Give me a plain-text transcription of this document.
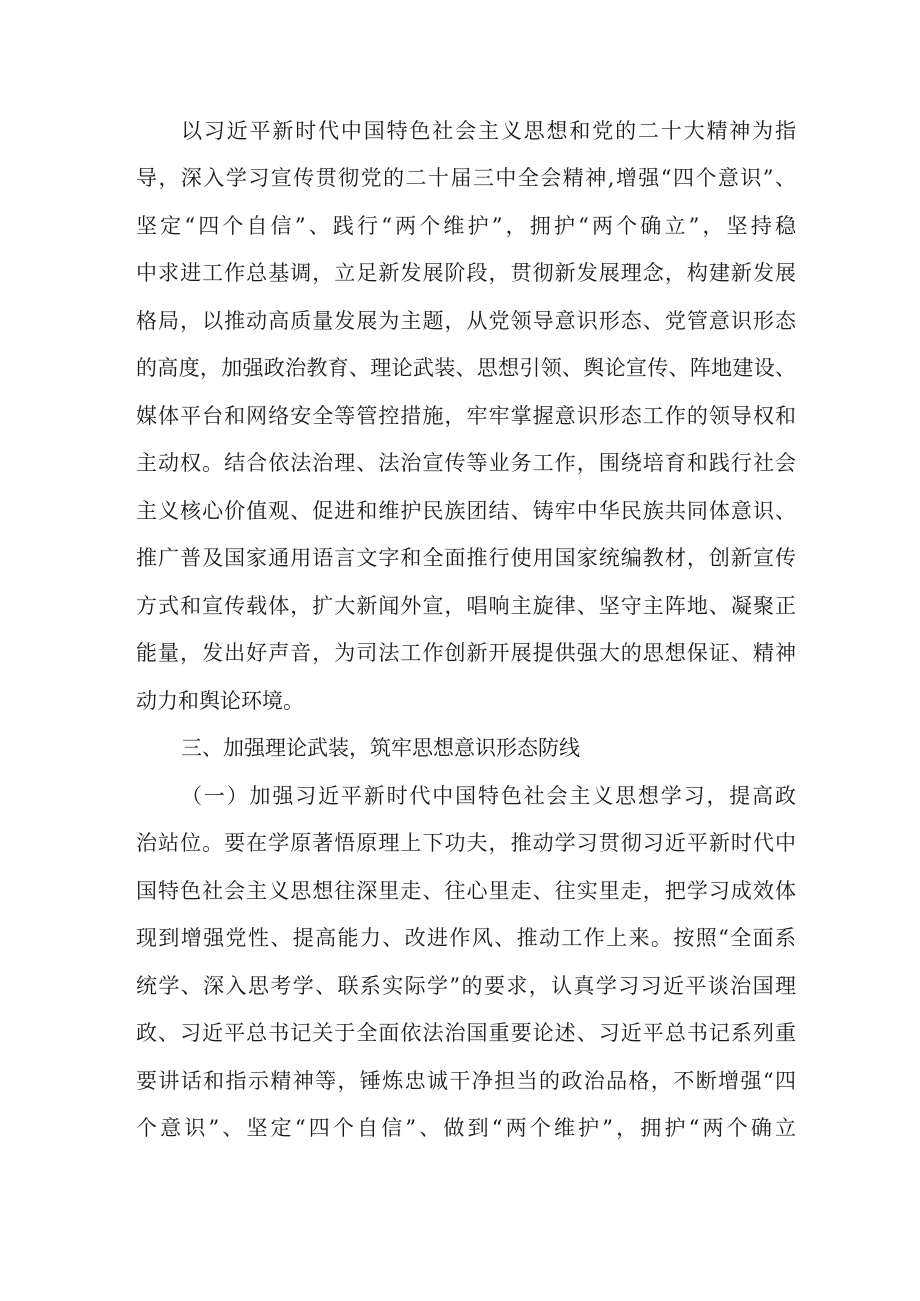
以习近平新时代中国特色社会主义思想和党的二十大精神为指
导，深入学习宣传贯彻党的二十届三中全会精神,增强“四个意识”、
坚定“四个自信”、践行“两个维护”，拥护“两个确立”，坚持稳
中求进工作总基调，立足新发展阶段，贯彻新发展理念，构建新发展
格局，以推动高质量发展为主题，从党领导意识形态、党管意识形态
的高度，加强政治教育、理论武装、思想引领、舆论宣传、阵地建设、
媒体平台和网络安全等管控措施，牢牢掌握意识形态工作的领导权和
主动权。结合依法治理、法治宣传等业务工作，围绕培育和践行社会
主义核心价值观、促进和维护民族团结、铸牢中华民族共同体意识、
推广普及国家通用语言文字和全面推行使用国家统编教材，创新宣传
方式和宣传载体，扩大新闻外宣，唱响主旋律、坚守主阵地、凝聚正
能量，发出好声音，为司法工作创新开展提供强大的思想保证、精神
动力和舆论环境。
三、加强理论武装，筑牢思想意识形态防线
（一）加强习近平新时代中国特色社会主义思想学习，提高政
治站位。要在学原著悟原理上下功夫，推动学习贯彻习近平新时代中
国特色社会主义思想往深里走、往心里走、往实里走，把学习成效体
现到增强党性、提高能力、改进作风、推动工作上来。按照“全面系
统学、深入思考学、联系实际学”的要求，认真学习习近平谈治国理
政、习近平总书记关于全面依法治国重要论述、习近平总书记系列重
要讲话和指示精神等，锤炼忠诚干净担当的政治品格，不断增强“四
个意识”、坚定“四个自信”、做到“两个维护”，拥护“两个确立
